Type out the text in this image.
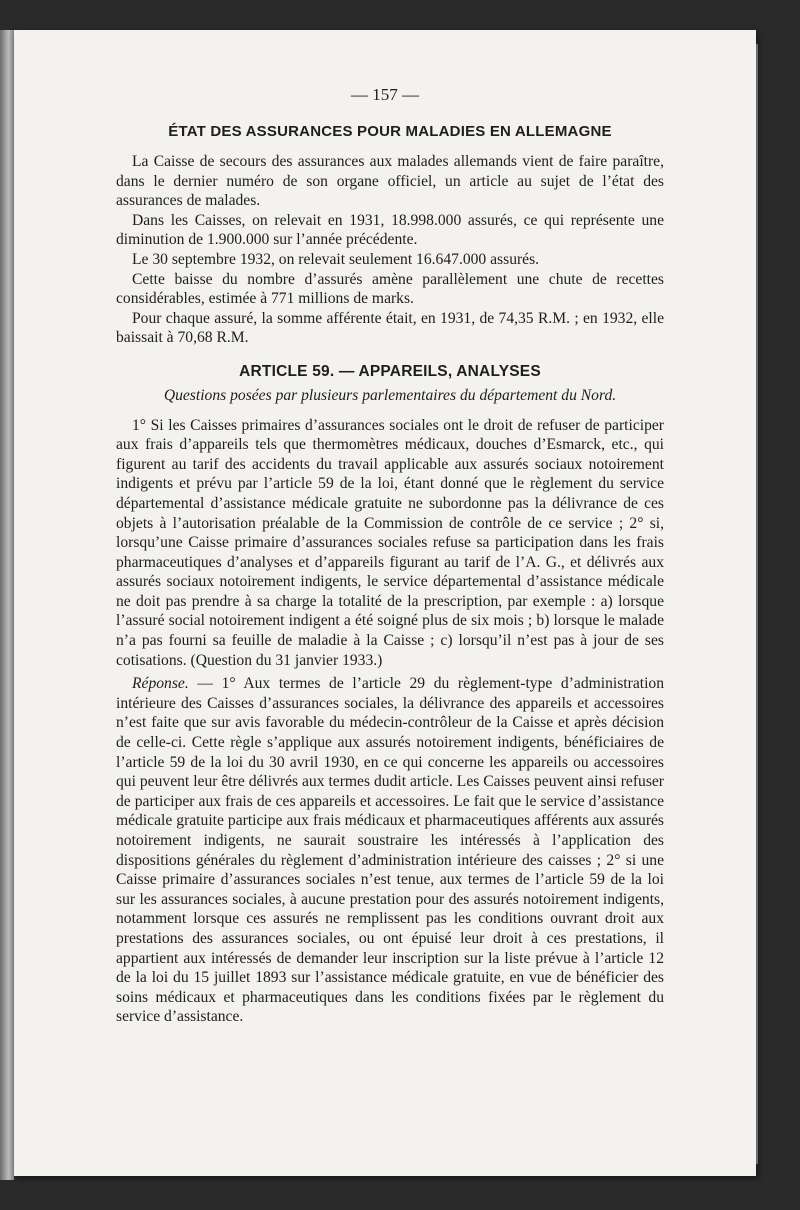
— 157 —
ÉTAT DES ASSURANCES POUR MALADIES EN ALLEMAGNE

La Caisse de secours des assurances aux malades allemands vient de faire paraître, dans le dernier numéro de son organe officiel, un article au sujet de l’état des assurances de malades.

Dans les Caisses, on relevait en 1931, 18.998.000 assurés, ce qui représente une diminution de 1.900.000 sur l’année précédente.

Le 30 septembre 1932, on relevait seulement 16.647.000 assurés.

Cette baisse du nombre d’assurés amène parallèlement une chute de recettes considérables, estimée à 771 millions de marks.

Pour chaque assuré, la somme afférente était, en 1931, de 74,35 R.M. ; en 1932, elle baissait à 70,68 R.M.

ARTICLE 59. — APPAREILS, ANALYSES

Questions posées par plusieurs parlementaires du département du Nord.

1° Si les Caisses primaires d’assurances sociales ont le droit de refuser de participer aux frais d’appareils tels que thermomètres médicaux, douches d’Esmarck, etc., qui figurent au tarif des accidents du travail applicable aux assurés sociaux notoirement indigents et prévu par l’article 59 de la loi, étant donné que le règlement du service départemental d’assistance médicale gratuite ne subordonne pas la délivrance de ces objets à l’autorisation préalable de la Commission de contrôle de ce service ; 2° si, lorsqu’une Caisse primaire d’assurances sociales refuse sa participation dans les frais pharmaceutiques d’analyses et d’appareils figurant au tarif de l’A. G., et délivrés aux assurés sociaux notoirement indigents, le service départemental d’assistance médicale ne doit pas prendre à sa charge la totalité de la prescription, par exemple : a) lorsque l’assuré social notoirement indigent a été soigné plus de six mois ; b) lorsque le malade n’a pas fourni sa feuille de maladie à la Caisse ; c) lorsqu’il n’est pas à jour de ses cotisations. (Question du 31 janvier 1933.)

Réponse. — 1° Aux termes de l’article 29 du règlement-type d’administration intérieure des Caisses d’assurances sociales, la délivrance des appareils et accessoires n’est faite que sur avis favorable du médecin-contrôleur de la Caisse et après décision de celle-ci. Cette règle s’applique aux assurés notoirement indigents, bénéficiaires de l’article 59 de la loi du 30 avril 1930, en ce qui concerne les appareils ou accessoires qui peuvent leur être délivrés aux termes dudit article. Les Caisses peuvent ainsi refuser de participer aux frais de ces appareils et accessoires. Le fait que le service d’assistance médicale gratuite participe aux frais médicaux et pharmaceutiques afférents aux assurés notoirement indigents, ne saurait soustraire les intéressés à l’application des dispositions générales du règlement d’administration intérieure des caisses ; 2° si une Caisse primaire d’assurances sociales n’est tenue, aux termes de l’article 59 de la loi sur les assurances sociales, à aucune prestation pour des assurés notoirement indigents, notamment lorsque ces assurés ne remplissent pas les conditions ouvrant droit aux prestations des assurances sociales, ou ont épuisé leur droit à ces prestations, il appartient aux intéressés de demander leur inscription sur la liste prévue à l’article 12 de la loi du 15 juillet 1893 sur l’assistance médicale gratuite, en vue de bénéficier des soins médicaux et pharmaceutiques dans les conditions fixées par le règlement du service d’assistance.
